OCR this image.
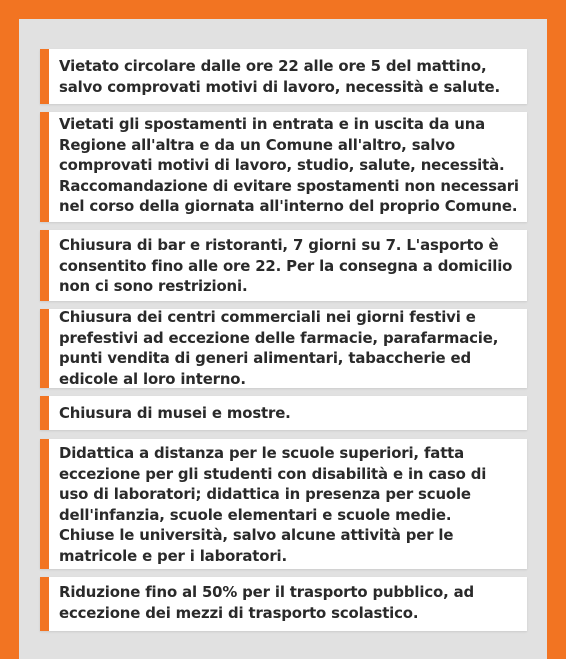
Vietato circolare dalle ore 22 alle ore 5 del mattino,
salvo comprovati motivi di lavoro, necessità e salute.
Vietati gli spostamenti in entrata e in uscita da una
Regione all'altra e da un Comune all'altro, salvo
comprovati motivi di lavoro, studio, salute, necessità.
Raccomandazione di evitare spostamenti non necessari
nel corso della giornata all'interno del proprio Comune.
Chiusura di bar e ristoranti, 7 giorni su 7. L'asporto è
consentito fino alle ore 22. Per la consegna a domicilio
non ci sono restrizioni.
Chiusura dei centri commerciali nei giorni festivi e
prefestivi ad eccezione delle farmacie, parafarmacie,
punti vendita di generi alimentari, tabaccherie ed
edicole al loro interno.
Chiusura di musei e mostre.
Didattica a distanza per le scuole superiori, fatta
eccezione per gli studenti con disabilità e in caso di
uso di laboratori; didattica in presenza per scuole
dell'infanzia, scuole elementari e scuole medie.
Chiuse le università, salvo alcune attività per le
matricole e per i laboratori.
Riduzione fino al 50% per il trasporto pubblico, ad
eccezione dei mezzi di trasporto scolastico.
